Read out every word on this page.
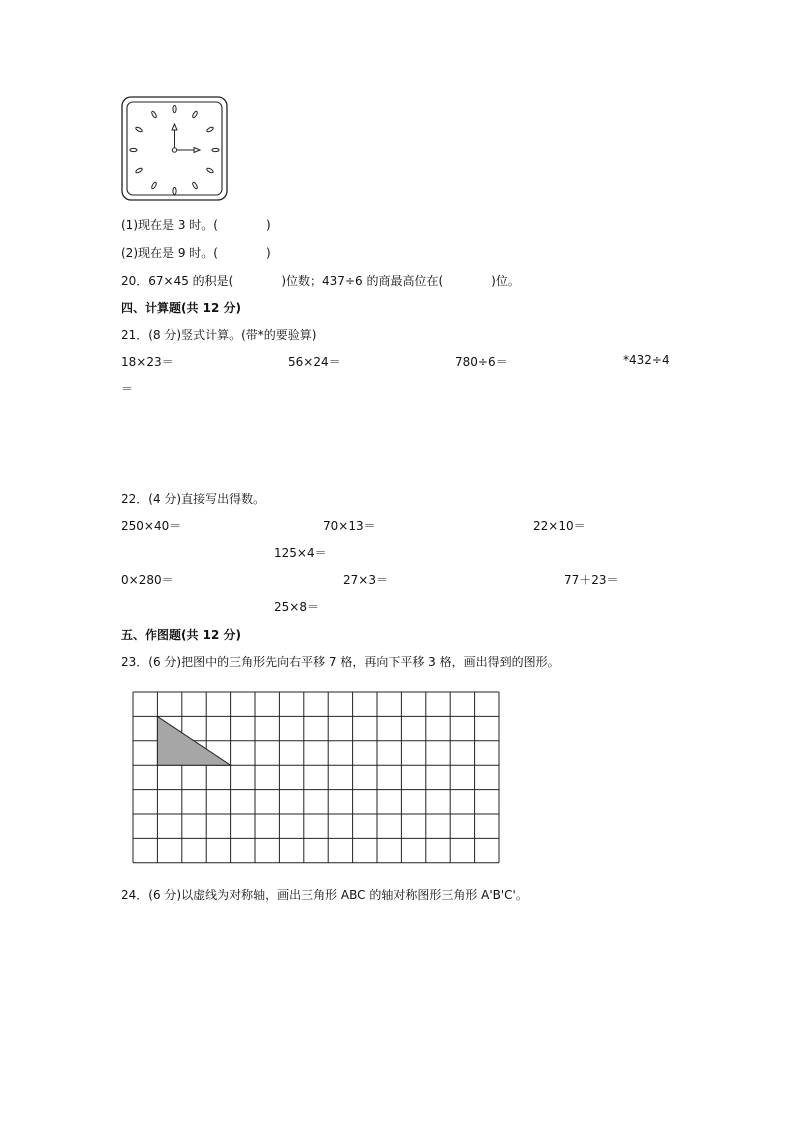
(1)现在是 3 时。(　　　　)
(2)现在是 9 时。(　　　　)
20．67×45 的积是(　　　　)位数；437÷6 的商最高位在(　　　　)位。
四、计算题(共 12 分)
21．(8 分)竖式计算。(带*的要验算)
18×23＝	56×24＝	780÷6＝	*432÷4
＝
22．(4 分)直接写出得数。
250×40＝	70×13＝	22×10＝
125×4＝
0×280＝	27×3＝	77＋23＝
25×8＝
五、作图题(共 12 分)
23．(6 分)把图中的三角形先向右平移 7 格，再向下平移 3 格，画出得到的图形。
24．(6 分)以虚线为对称轴，画出三角形 ABC 的轴对称图形三角形 A'B'C'。
